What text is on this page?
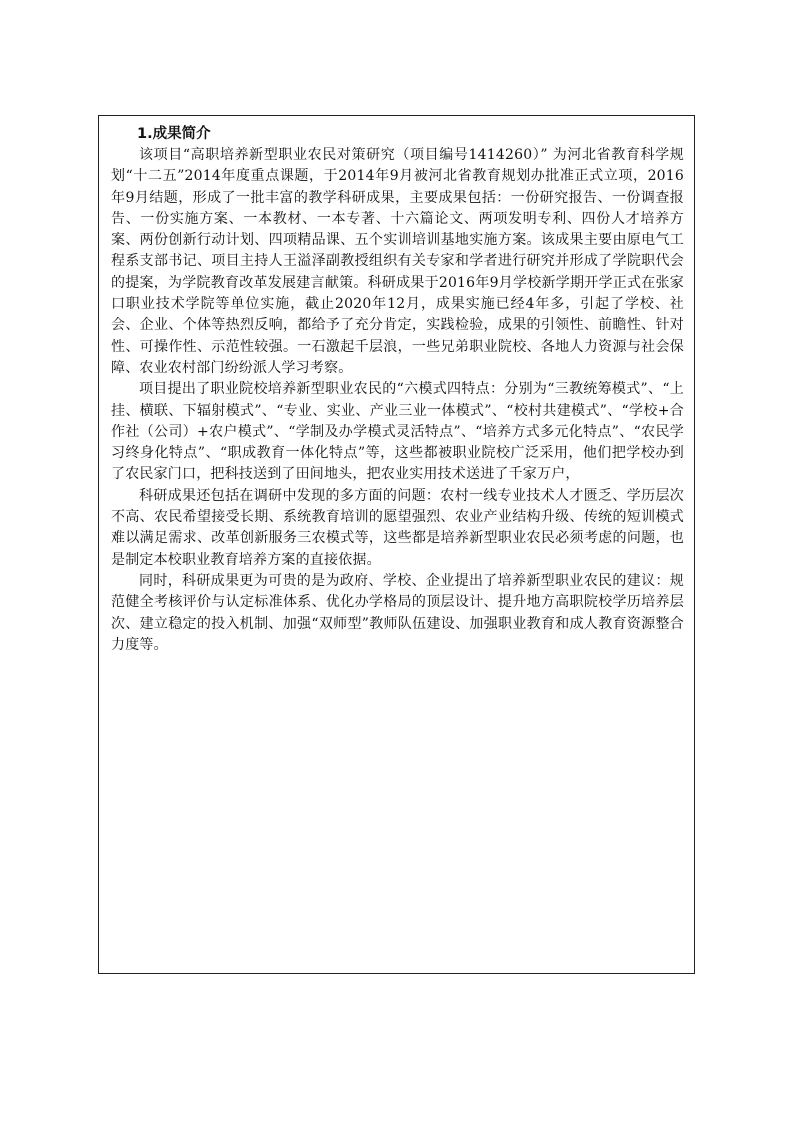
1.成果简介

该项目“高职培养新型职业农民对策研究（项目编号1414260）” 为河北省教育科学规划“十二五”2014年度重点课题，于2014年9月被河北省教育规划办批准正式立项，2016年9月结题，形成了一批丰富的教学科研成果，主要成果包括：一份研究报告、一份调查报告、一份实施方案、一本教材、一本专著、十六篇论文、两项发明专利、四份人才培养方案、两份创新行动计划、四项精品课、五个实训培训基地实施方案。该成果主要由原电气工程系支部书记、项目主持人王溢泽副教授组织有关专家和学者进行研究并形成了学院职代会的提案，为学院教育改革发展建言献策。科研成果于2016年9月学校新学期开学正式在张家口职业技术学院等单位实施，截止2020年12月，成果实施已经4年多，引起了学校、社会、企业、个体等热烈反响，都给予了充分肯定，实践检验，成果的引领性、前瞻性、针对性、可操作性、示范性较强。一石激起千层浪，一些兄弟职业院校、各地人力资源与社会保障、农业农村部门纷纷派人学习考察。

项目提出了职业院校培养新型职业农民的“六模式四特点：分别为“三教统筹模式”、“上挂、横联、下辐射模式”、“专业、实业、产业三业一体模式”、“校村共建模式”、“学校+合作社（公司）+农户模式”、“学制及办学模式灵活特点”、“培养方式多元化特点”、“农民学习终身化特点”、“职成教育一体化特点”等，这些都被职业院校广泛采用，他们把学校办到了农民家门口，把科技送到了田间地头，把农业实用技术送进了千家万户，

科研成果还包括在调研中发现的多方面的问题：农村一线专业技术人才匮乏、学历层次不高、农民希望接受长期、系统教育培训的愿望强烈、农业产业结构升级、传统的短训模式难以满足需求、改革创新服务三农模式等，这些都是培养新型职业农民必须考虑的问题，也是制定本校职业教育培养方案的直接依据。

同时，科研成果更为可贵的是为政府、学校、企业提出了培养新型职业农民的建议：规范健全考核评价与认定标准体系、优化办学格局的顶层设计、提升地方高职院校学历培养层次、建立稳定的投入机制、加强“双师型”教师队伍建设、加强职业教育和成人教育资源整合力度等。
